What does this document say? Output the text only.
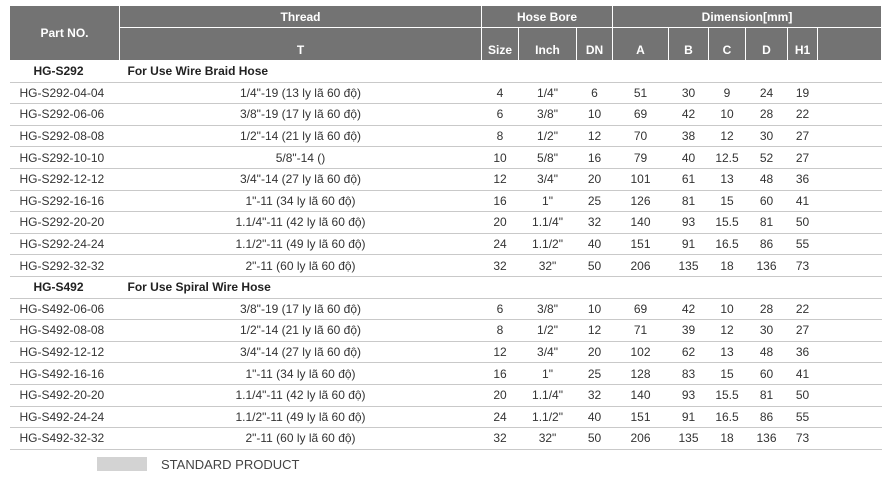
Part NO.	Thread	Hose Bore			Dimension[mm]					
	T	Size	Inch	DN	A	B	C	D	H1	
HG-S292	For Use Wire Braid Hose									
HG-S292-04-04	1/4"-19 (13 ly lã 60 độ)	4	1/4"	6	51	30	9	24	19	
HG-S292-06-06	3/8"-19 (17 ly lã 60 độ)	6	3/8"	10	69	42	10	28	22	
HG-S292-08-08	1/2"-14 (21 ly lã 60 độ)	8	1/2"	12	70	38	12	30	27	
HG-S292-10-10	5/8"-14 ()	10	5/8"	16	79	40	12.5	52	27	
HG-S292-12-12	3/4"-14 (27 ly lã 60 độ)	12	3/4"	20	101	61	13	48	36	
HG-S292-16-16	1"-11 (34 ly lã 60 độ)	16	1"	25	126	81	15	60	41	
HG-S292-20-20	1.1/4"-11 (42 ly lã 60 độ)	20	1.1/4"	32	140	93	15.5	81	50	
HG-S292-24-24	1.1/2"-11 (49 ly lã 60 độ)	24	1.1/2"	40	151	91	16.5	86	55	
HG-S292-32-32	2"-11 (60 ly lã 60 độ)	32	32"	50	206	135	18	136	73	
HG-S492	For Use Spiral Wire Hose									
HG-S492-06-06	3/8"-19 (17 ly lã 60 độ)	6	3/8"	10	69	42	10	28	22	
HG-S492-08-08	1/2"-14 (21 ly lã 60 độ)	8	1/2"	12	71	39	12	30	27	
HG-S492-12-12	3/4"-14 (27 ly lã 60 độ)	12	3/4"	20	102	62	13	48	36	
HG-S492-16-16	1"-11 (34 ly lã 60 độ)	16	1"	25	128	83	15	60	41	
HG-S492-20-20	1.1/4"-11 (42 ly lã 60 độ)	20	1.1/4"	32	140	93	15.5	81	50	
HG-S492-24-24	1.1/2"-11 (49 ly lã 60 độ)	24	1.1/2"	40	151	91	16.5	86	55	
HG-S492-32-32	2"-11 (60 ly lã 60 độ)	32	32"	50	206	135	18	136	73	
STANDARD PRODUCT
